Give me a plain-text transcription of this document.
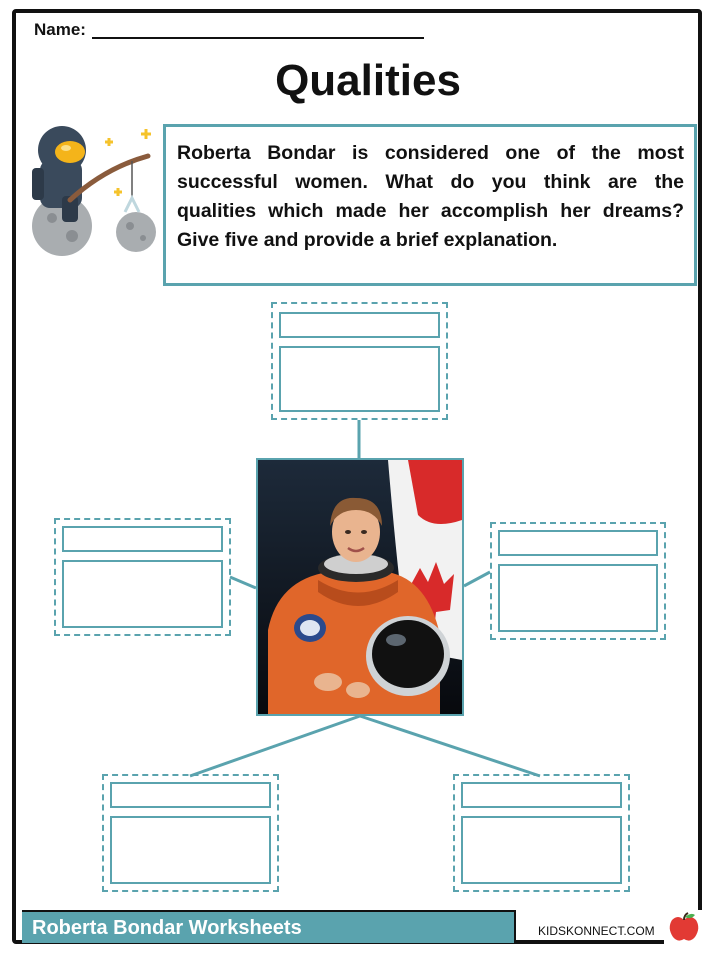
Name:
Qualities
Roberta Bondar is considered one of the most successful women. What do you think are the qualities which made her accomplish her dreams? Give five and provide a brief explanation.
Roberta Bondar Worksheets	KIDSKONNECT.COM
